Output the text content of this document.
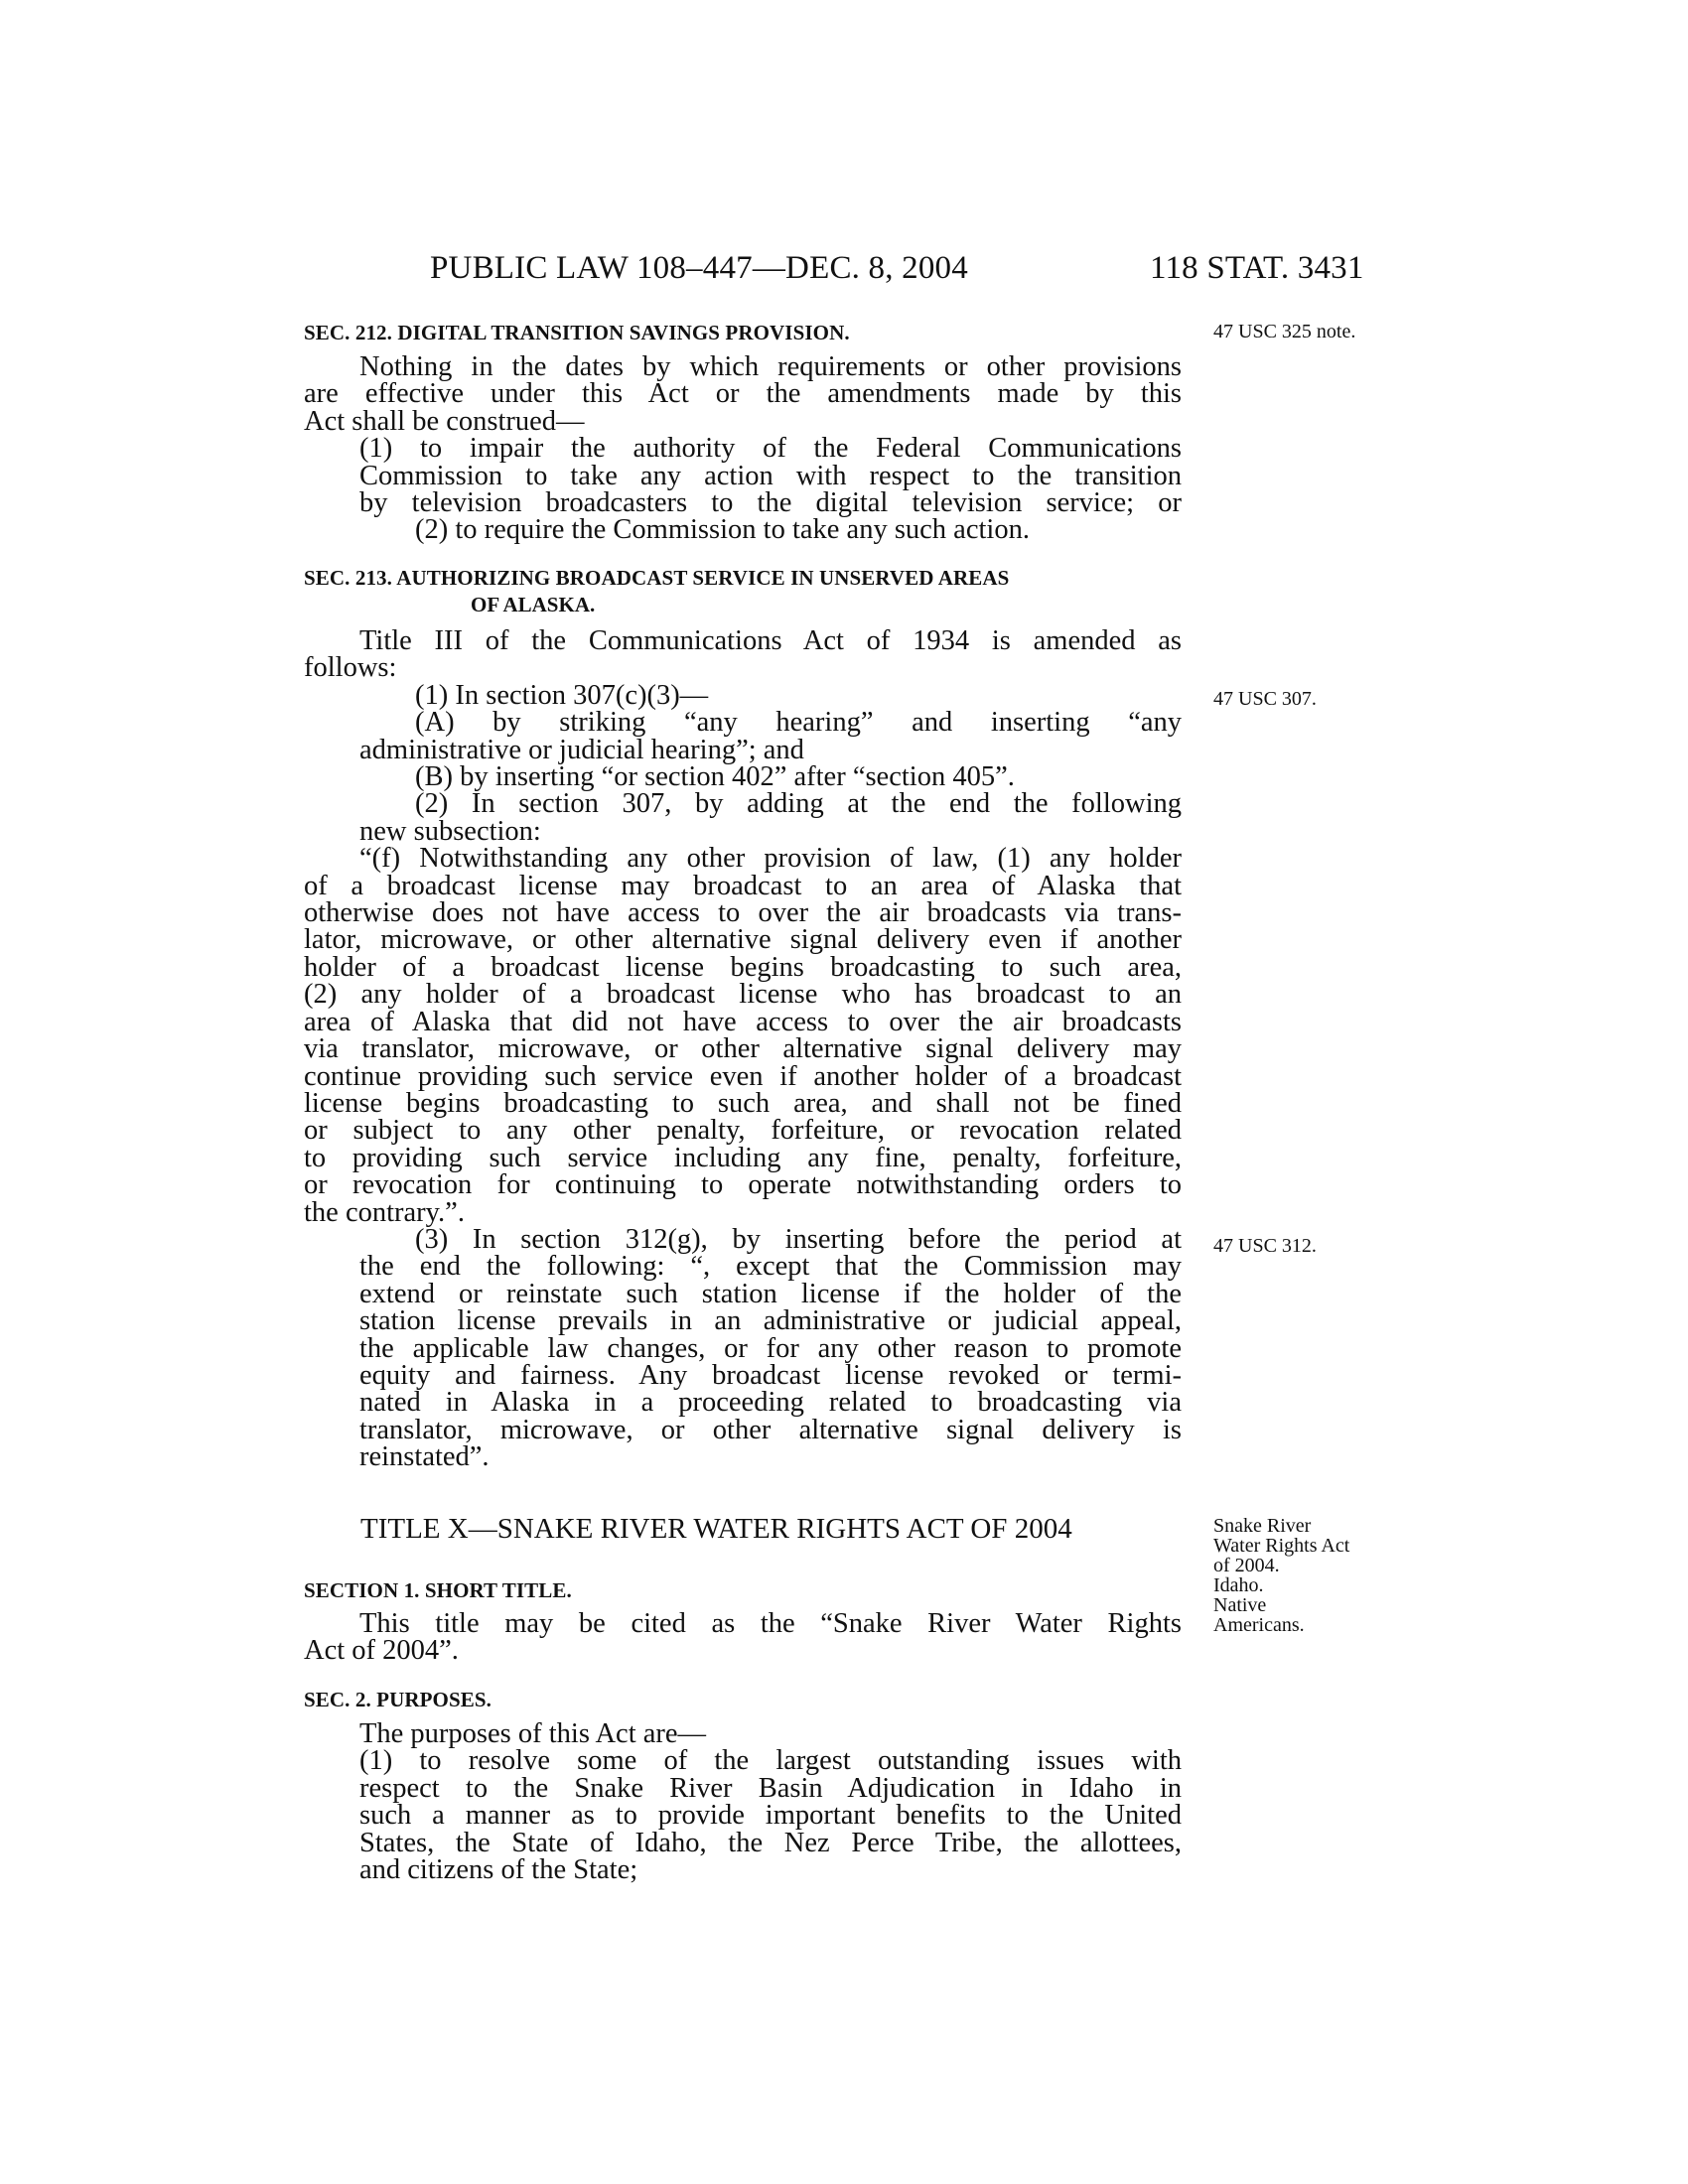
PUBLIC LAW 108–447—DEC. 8, 2004	118 STAT. 3431
SEC. 212. DIGITAL TRANSITION SAVINGS PROVISION.	47 USC 325 note.

Nothing in the dates by which requirements or other provisions

are effective under this Act or the amendments made by this

Act shall be construed—

(1) to impair the authority of the Federal Communications

Commission to take any action with respect to the transition

by television broadcasters to the digital television service; or

(2) to require the Commission to take any such action.

SEC. 213. AUTHORIZING BROADCAST SERVICE IN UNSERVED AREAS
OF ALASKA.
47 USC 307.
47 USC 312.

Title III of the Communications Act of 1934 is amended as

follows:

(1) In section 307(c)(3)—

(A) by striking “any hearing” and inserting “any

administrative or judicial hearing”; and

(B) by inserting “or section 402” after “section 405”.

(2) In section 307, by adding at the end the following

new subsection:

“(f) Notwithstanding any other provision of law, (1) any holder

of a broadcast license may broadcast to an area of Alaska that

otherwise does not have access to over the air broadcasts via trans-

lator, microwave, or other alternative signal delivery even if another

holder of a broadcast license begins broadcasting to such area,

(2) any holder of a broadcast license who has broadcast to an

area of Alaska that did not have access to over the air broadcasts

via translator, microwave, or other alternative signal delivery may

continue providing such service even if another holder of a broadcast

license begins broadcasting to such area, and shall not be fined

or subject to any other penalty, forfeiture, or revocation related

to providing such service including any fine, penalty, forfeiture,

or revocation for continuing to operate notwithstanding orders to

the contrary.”.

(3) In section 312(g), by inserting before the period at

the end the following: “, except that the Commission may

extend or reinstate such station license if the holder of the

station license prevails in an administrative or judicial appeal,

the applicable law changes, or for any other reason to promote

equity and fairness. Any broadcast license revoked or termi-

nated in Alaska in a proceeding related to broadcasting via

translator, microwave, or other alternative signal delivery is

reinstated”.

TITLE X—SNAKE RIVER WATER RIGHTS ACT OF 2004	Snake River
Water Rights Act
of 2004.
Idaho.
Native
Americans.
SECTION 1. SHORT TITLE.

This title may be cited as the “Snake River Water Rights

Act of 2004”.

SEC. 2. PURPOSES.

The purposes of this Act are—

(1) to resolve some of the largest outstanding issues with

respect to the Snake River Basin Adjudication in Idaho in

such a manner as to provide important benefits to the United

States, the State of Idaho, the Nez Perce Tribe, the allottees,

and citizens of the State;
